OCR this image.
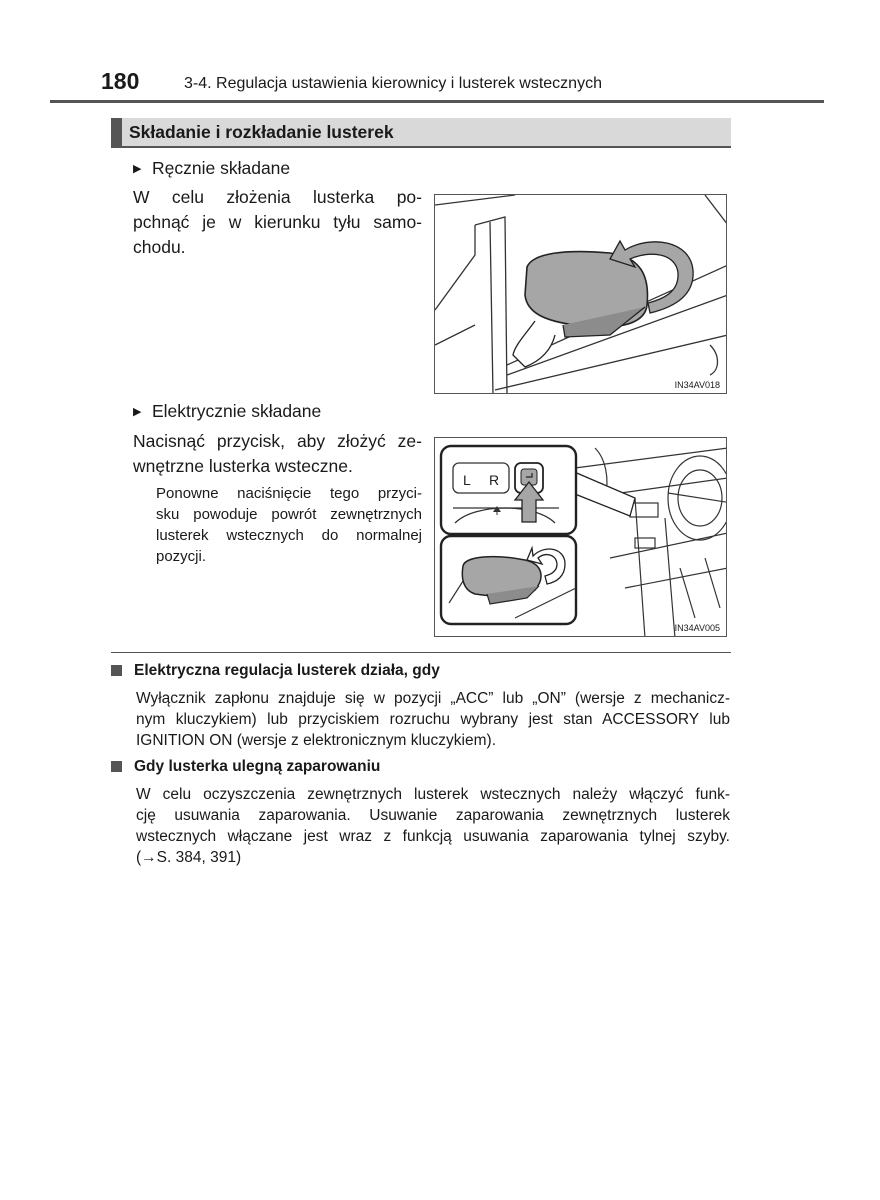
180	3-4. Regulacja ustawienia kierownicy i lusterek wstecznych
Składanie i rozkładanie lusterek
▶ Ręcznie składane
W celu złożenia lusterka po-
pchnąć je w kierunku tyłu samo-
chodu.
IN34AV018
▶ Elektrycznie składane
Nacisnąć przycisk, aby złożyć ze-
wnętrzne lusterka wsteczne.
Ponowne naciśnięcie tego przyci-
sku powoduje powrót zewnętrznych
lusterek wstecznych do normalnej
pozycji.
L R
IN34AV005
Elektryczna regulacja lusterek działa, gdy
Wyłącznik zapłonu znajduje się w pozycji „ACC” lub „ON” (wersje z mechanicz-
nym kluczykiem) lub przyciskiem rozruchu wybrany jest stan ACCESSORY lub
IGNITION ON (wersje z elektronicznym kluczykiem).
Gdy lusterka ulegną zaparowaniu
W celu oczyszczenia zewnętrznych lusterek wstecznych należy włączyć funk-
cję usuwania zaparowania. Usuwanie zaparowania zewnętrznych lusterek
wstecznych włączane jest wraz z funkcją usuwania zaparowania tylnej szyby.
(→S. 384, 391)
